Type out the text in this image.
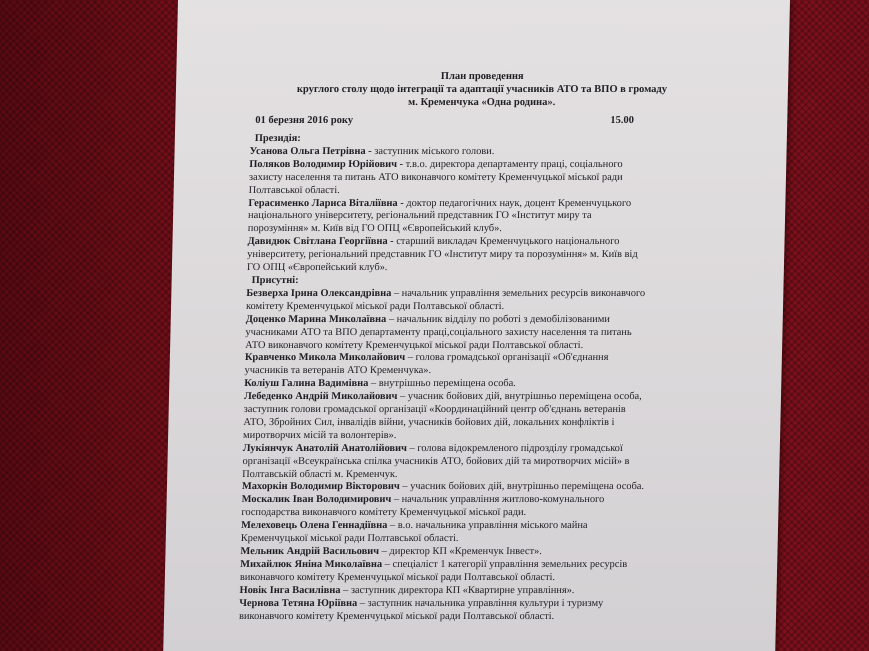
План проведення
круглого столу щодо інтеграції та адаптації учасників АТО та ВПО в громаду
м. Кременчука «Одна родина».
01 березня 2016 року	15.00

Президія:

Усанова Ольга Петрівна - заступник міського голови.

Поляков Володимир Юрійович - т.в.о. директора департаменту праці, соціального захисту населення та питань АТО виконавчого комітету Кременчуцької міської ради Полтавської області.

Герасименко Лариса Віталіївна - доктор педагогічних наук, доцент Кременчуцького національного університету, регіональний представник ГО «Інститут миру та порозуміння» м. Київ від ГО ОПЦ «Європейський клуб».

Давидюк Світлана Георгіївна - старший викладач Кременчуцького національного університету, регіональний представник ГО «Інститут миру та порозуміння» м. Київ від ГО ОПЦ «Європейський клуб».

Присутні:

Безверха Ірина Олександрівна – начальник управління земельних ресурсів виконавчого комітету Кременчуцької міської ради Полтавської області.

Доценко Марина Миколаївна – начальник відділу по роботі з демобілізованими учасниками АТО та ВПО департаменту праці,соціального захисту населення та питань АТО виконавчого комітету Кременчуцької міської ради Полтавської області.

Кравченко Микола Миколайович – голова громадської організації «Об'єднання учасників та ветеранів АТО Кременчука».

Коліуш Галина Вадимівна – внутрішньо переміщена особа.

Лебеденко Андрій Миколайович – учасник бойових дій, внутрішньо переміщена особа, заступник голови громадської організації «Координаційний центр об'єднань ветеранів АТО, Збройних Сил, інвалідів війни, учасників бойових дій, локальних конфліктів і миротворчих місій та волонтерів».

Лукіянчук Анатолій Анатолійович – голова відокремленого підрозділу громадської організації «Всеукраїнська спілка учасників АТО, бойових дій та миротворчих місій» в Полтавській області м. Кременчук.

Махоркін Володимир Вікторович – учасник бойових дій, внутрішньо переміщена особа.

Москалик Іван Володимирович – начальник управління житлово-комунального господарства виконавчого комітету Кременчуцької міської ради.

Мелеховець Олена Геннадіївна – в.о. начальника управління міського майна Кременчуцької міської ради Полтавської області.

Мельник Андрій Васильович – директор КП «Кременчук Інвест».

Михайлюк Яніна Миколаївна – спеціаліст 1 категорії управління земельних ресурсів виконавчого комітету Кременчуцької міської ради Полтавської області.

Новік Інга Василівна – заступник директора КП «Квартирне управління».

Чернова Тетяна Юріївна – заступник начальника управління культури і туризму виконавчого комітету Кременчуцької міської ради Полтавської області.
